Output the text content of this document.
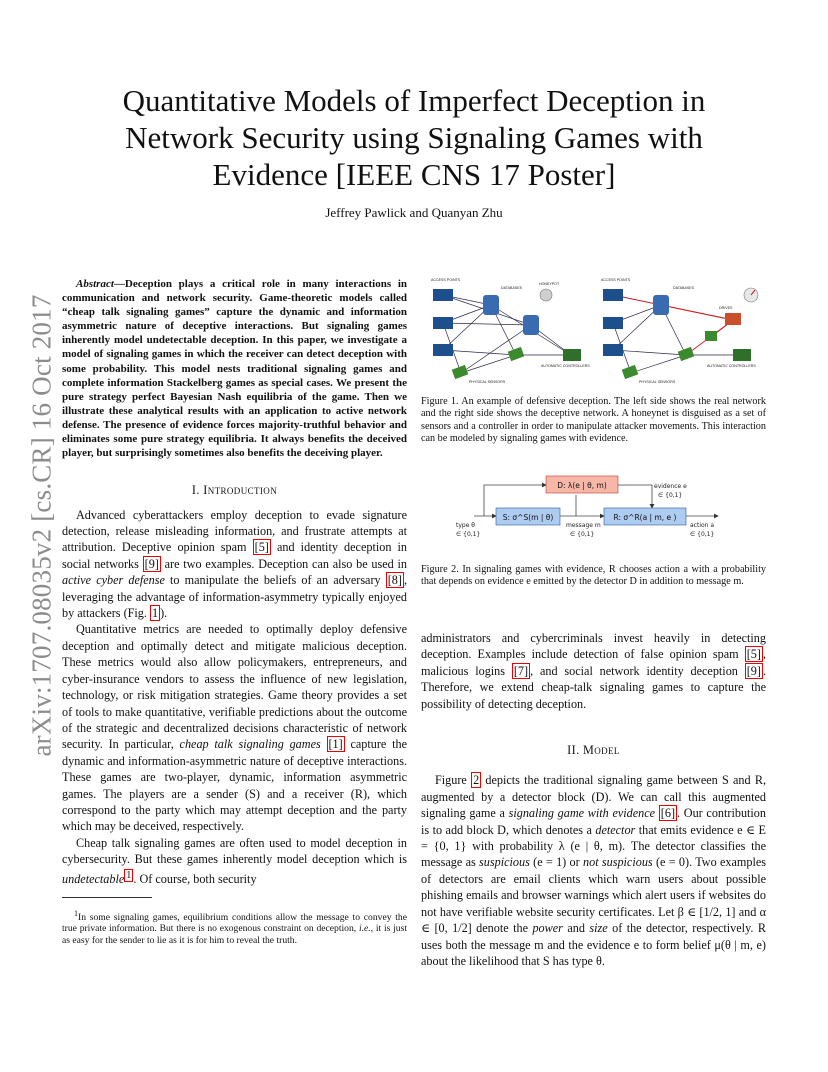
arXiv:1707.08035v2 [cs.CR] 16 Oct 2017
Quantitative Models of Imperfect Deception in Network Security using Signaling Games with Evidence [IEEE CNS 17 Poster]
Jeffrey Pawlick and Quanyan Zhu

Abstract—Deception plays a critical role in many interactions in communication and network security. Game-theoretic models called “cheap talk signaling games” capture the dynamic and information asymmetric nature of deceptive interactions. But signaling games inherently model undetectable deception. In this paper, we investigate a model of signaling games in which the receiver can detect deception with some probability. This model nests traditional signaling games and complete information Stackelberg games as special cases. We present the pure strategy perfect Bayesian Nash equilibria of the game. Then we illustrate these analytical results with an application to active network defense. The presence of evidence forces majority-truthful behavior and eliminates some pure strategy equilibria. It always benefits the deceived player, but surprisingly sometimes also benefits the deceiving player.

I. Introduction

Advanced cyberattackers employ deception to evade signature detection, release misleading information, and frustrate attempts at attribution. Deceptive opinion spam [5] and identity deception in social networks [9] are two examples. Deception can also be used in active cyber defense to manipulate the beliefs of an adversary [8] , leveraging the advantage of information-asymmetry typically enjoyed by attackers (Fig. 1 ).

Quantitative metrics are needed to optimally deploy defensive deception and optimally detect and mitigate malicious deception. These metrics would also allow policymakers, entrepreneurs, and cyber-insurance vendors to assess the influence of new legislation, technology, or risk mitigation strategies. Game theory provides a set of tools to make quantitative, verifiable predictions about the outcome of the strategic and decentralized decisions characteristic of network security. In particular, cheap talk signaling games [1] capture the dynamic and information-asymmetric nature of deceptive interactions. These games are two-player, dynamic, information asymmetric games. The players are a sender (S) and a receiver (R), which correspond to the party which may attempt deception and the party which may be deceived, respectively.

Cheap talk signaling games are often used to model deception in cybersecurity. But these games inherently model deception which is undetectable $^1$ . Of course, both security

$^1$In some signaling games, equilibrium conditions allow the message to convey the true private information. But there is no exogenous constraint on deception, i.e., it is just as easy for the sender to lie as it is for him to reveal the truth.

ACCESS POINTS
DATABASES
HONEYPOT
PHYSICAL SENSORS
AUTOMATIC CONTROLLERS
ACCESS POINTS
DATABASES
DRIVES
PHYSICAL SENSORS
AUTOMATIC CONTROLLERS

Figure 1. An example of defensive deception. The left side shows the real network and the right side shows the deceptive network. A honeynet is disguised as a set of sensors and a controller in order to manipulate attacker movements. This interaction can be modeled by signaling games with evidence.

D: λ(e | θ, m)
S: σ^S(m | θ)	R: σ^R(a | m, e )
evidence e
∈ {0,1}
type θ
∈ {0,1}
message m
∈ {0,1}
action a
∈ {0,1}

Figure 2. In signaling games with evidence, R chooses action a with a probability that depends on evidence e emitted by the detector D in addition to message m.

administrators and cybercriminals invest heavily in detecting deception. Examples include detection of false opinion spam [5] , malicious logins [7] , and social network identity deception [9] . Therefore, we extend cheap-talk signaling games to capture the possibility of detecting deception.

II. Model

Figure 2 depicts the traditional signaling game between S and R, augmented by a detector block (D). We can call this augmented signaling game a signaling game with evidence [6] . Our contribution is to add block D, which denotes a detector that emits evidence e ∈ E = {0, 1} with probability λ (e | θ, m). The detector classifies the message as suspicious (e = 1) or not suspicious (e = 0). Two examples of detectors are email clients which warn users about possible phishing emails and browser warnings which alert users if websites do not have verifiable website security certificates. Let β ∈ [1/2, 1] and α ∈ [0, 1/2] denote the power and size of the detector, respectively. R uses both the message m and the evidence e to form belief μ(θ | m, e) about the likelihood that S has type θ.
